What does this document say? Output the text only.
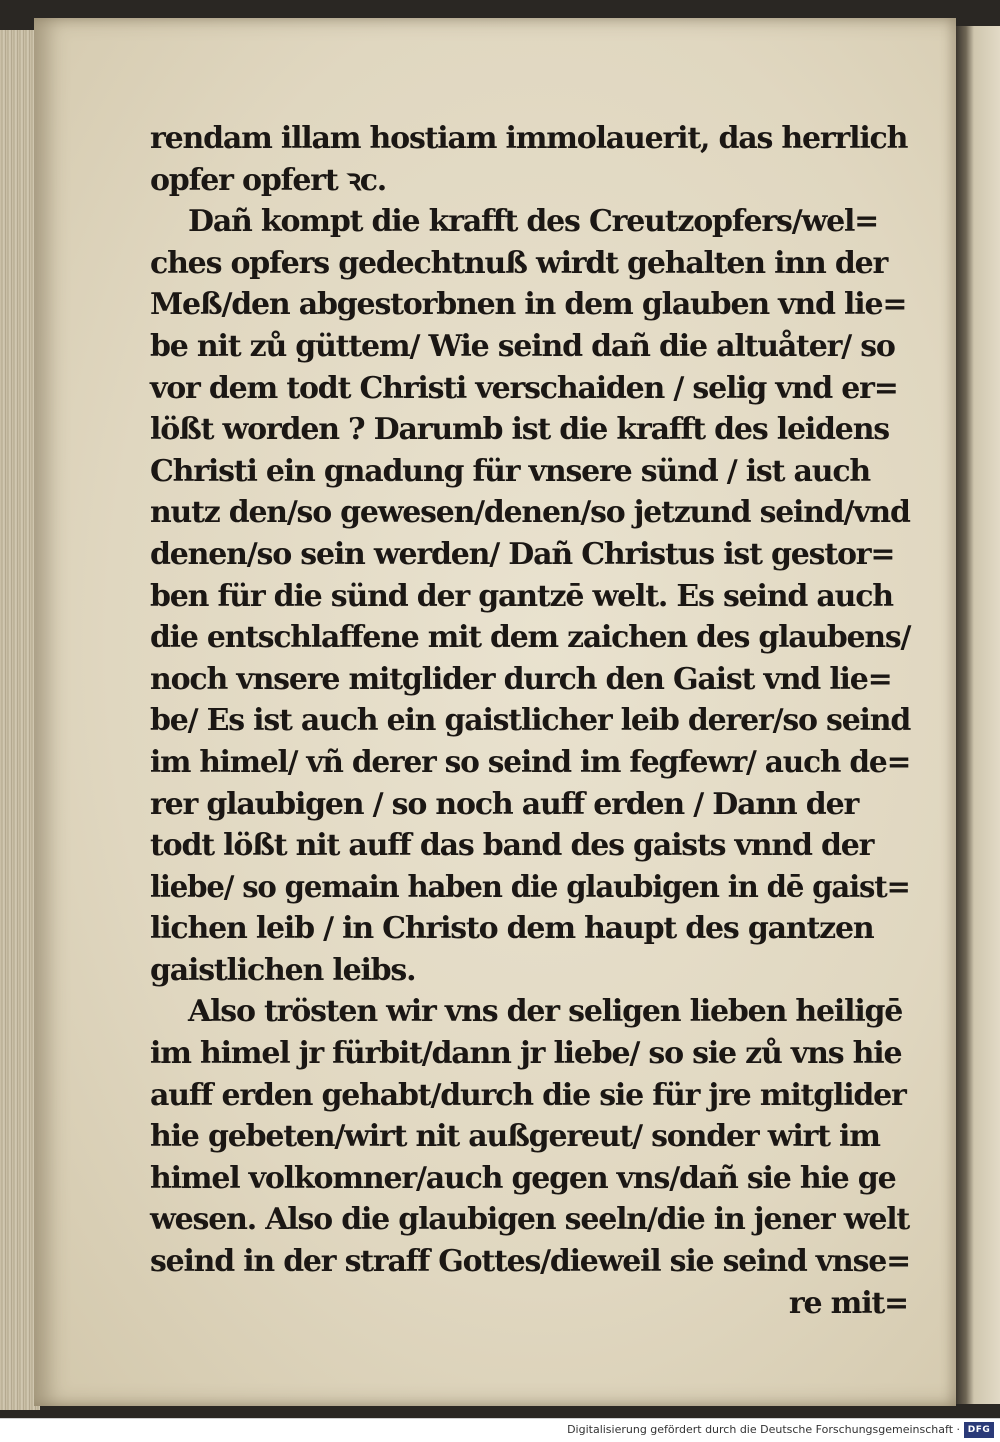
rendam illam hostiam immolauerit, das herrlich
opfer opfert ꝛc.
Dañ kompt die krafft des Creutzopfers/wel=
ches opfers gedechtnuß wirdt gehalten inn der
Meß/den abgestorbnen in dem glauben vnd lie=
be nit zů güttem/ Wie seind dañ die altuåter/ so
vor dem todt Christi verschaiden / selig vnd er=
lößt worden ? Darumb ist die krafft des leidens
Christi ein gnadung für vnsere sünd / ist auch
nutz den/so gewesen/denen/so jetzund seind/vnd
denen/so sein werden/ Dañ Christus ist gestor=
ben für die sünd der gantzē welt. Es seind auch
die entschlaffene mit dem zaichen des glaubens/
noch vnsere mitglider durch den Gaist vnd lie=
be/ Es ist auch ein gaistlicher leib derer/so seind
im himel/ vñ derer so seind im fegfewr/ auch de=
rer glaubigen / so noch auff erden / Dann der
todt lößt nit auff das band des gaists vnnd der
liebe/ so gemain haben die glaubigen in dē gaist=
lichen leib / in Christo dem haupt des gantzen
gaistlichen leibs.
Also trösten wir vns der seligen lieben heiligē
im himel jr fürbit/dann jr liebe/ so sie zů vns hie
auff erden gehabt/durch die sie für jre mitglider
hie gebeten/wirt nit außgereut/ sonder wirt im
himel volkomner/auch gegen vns/dañ sie hie ge
wesen. Also die glaubigen seeln/die in jener welt
seind in der straff Gottes/dieweil sie seind vnse=
re mit=
Digitalisierung gefördert durch die Deutsche Forschungsgemeinschaft · DFG
